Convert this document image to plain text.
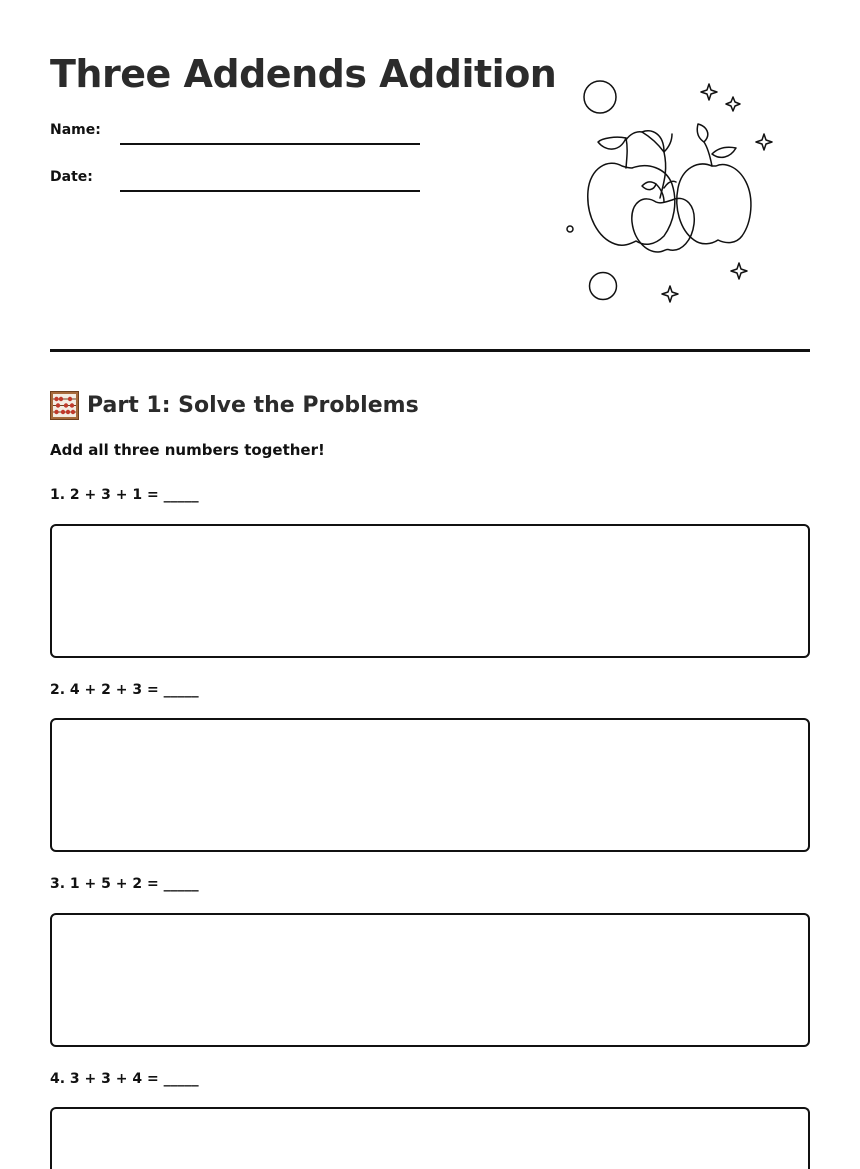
Three Addends Addition
Name:
Date:
Part 1: Solve the Problems
Add all three numbers together!
1. 2 + 3 + 1 = _____
2. 4 + 2 + 3 = _____
3. 1 + 5 + 2 = _____
4. 3 + 3 + 4 = _____
